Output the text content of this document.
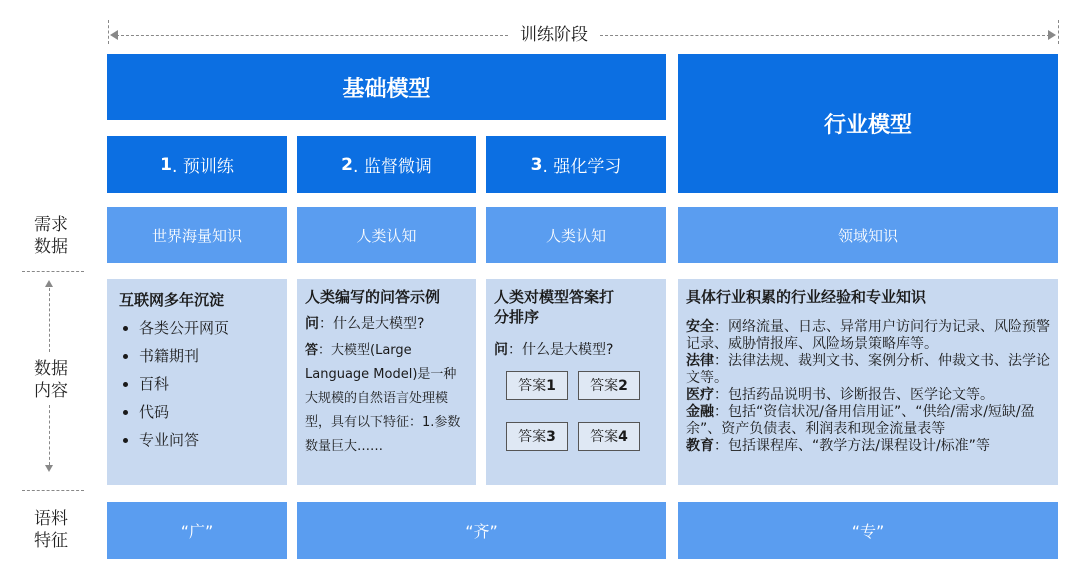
训练阶段
基础模型
行业模型
1 . 预训练	2 . 监督微调	3 . 强化学习
需求
数据
数据
内容
语料
特征
世界海量知识	人类认知	人类认知	领域知识
互联网多年沉淀
• 各类公开网页
• 书籍期刊
• 百科
• 代码
• 专业问答
人类编写的问答示例
问：什么是大模型?
答：大模型(Large Language Model)是一种大规模的自然语言处理模型，具有以下特征：1.参数数量巨大……
人类对模型答案打分排序
问：什么是大模型?
答案 1 答案 2
答案 3 答案 4
具体行业积累的行业经验和专业知识
安全：网络流量、日志、异常用户访问行为记录、风险预警记录、威胁情报库、风险场景策略库等。
法律：法律法规、裁判文书、案例分析、仲裁文书、法学论文等。
医疗：包括药品说明书、诊断报告、医学论文等。
金融：包括“资信状况/备用信用证”、“供给/需求/短缺/盈余”、资产负债表、利润表和现金流量表等
教育：包括课程库、“教学方法/课程设计/标准”等
“广”	“齐”	“专”
